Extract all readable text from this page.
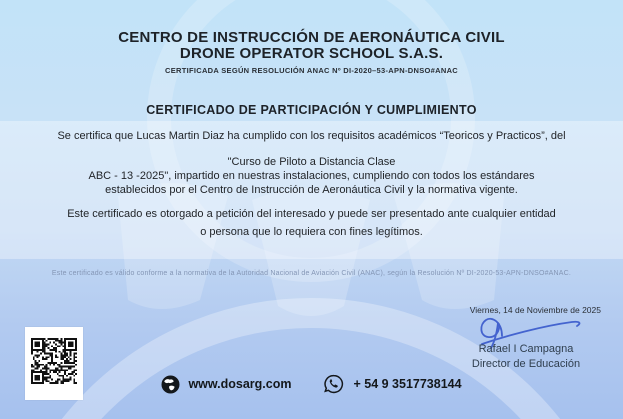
CENTRO DE INSTRUCCIÓN DE AERONÁUTICA CIVIL
DRONE OPERATOR SCHOOL S.A.S.
CERTIFICADA SEGÚN RESOLUCIÓN ANAC Nº DI-2020–53-APN-DNSO#ANAC
CERTIFICADO DE PARTICIPACIÓN Y CUMPLIMIENTO
Se certifica que Lucas Martin Diaz ha cumplido con los requisitos académicos “Teoricos y Practicos”, del
"Curso de Piloto a Distancia Clase
ABC - 13 -2025", impartido en nuestras instalaciones, cumpliendo con todos los estándares
establecidos por el Centro de Instrucción de Aeronáutica Civil y la normativa vigente.
Este certificado es otorgado a petición del interesado y puede ser presentado ante cualquier entidad
o persona que lo requiera con fines legítimos.
Este certificado es válido conforme a la normativa de la Autoridad Nacional de Aviación Civil (ANAC), según la Resolución Nº DI-2020-53-APN-DNSO#ANAC.
Viernes, 14 de Noviembre de 2025
Rafael I Campagna
Director de Educación
www.dosarg.com	+ 54 9 3517738144
